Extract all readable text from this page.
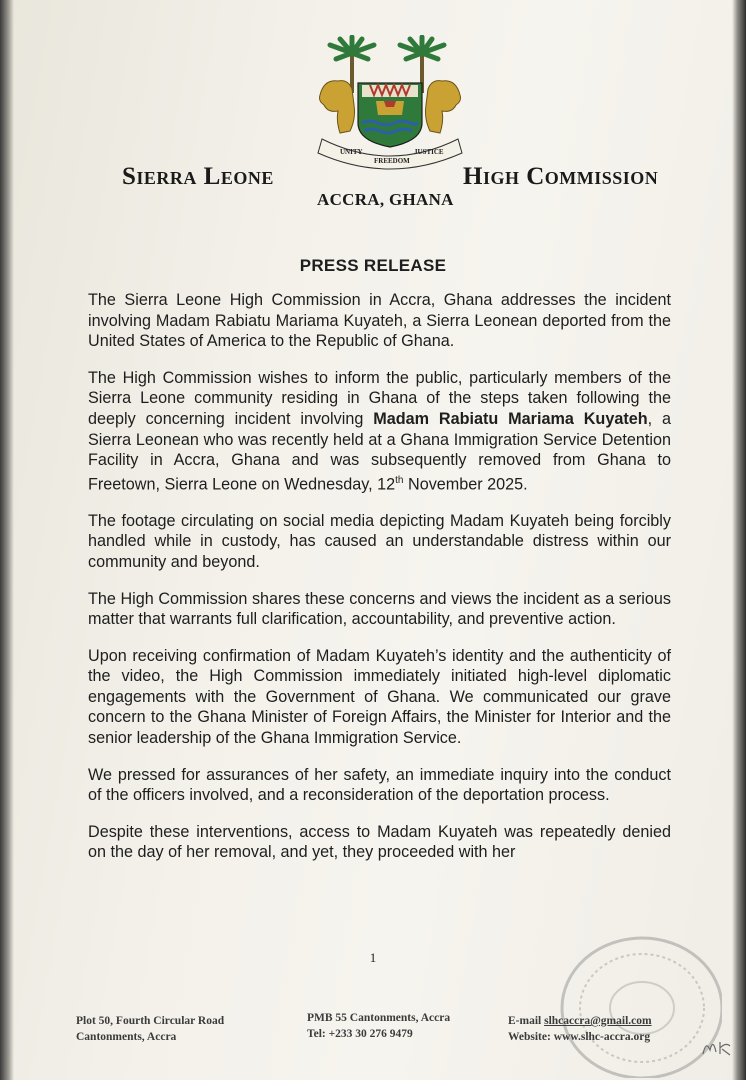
UNITY
FREEDOM
JUSTICE
Sierra Leone	High Commission
ACCRA, GHANA
PRESS RELEASE

The Sierra Leone High Commission in Accra, Ghana addresses the incident involving Madam Rabiatu Mariama Kuyateh, a Sierra Leonean deported from the United States of America to the Republic of Ghana.

The High Commission wishes to inform the public, particularly members of the Sierra Leone community residing in Ghana of the steps taken following the deeply concerning incident involving Madam Rabiatu Mariama Kuyateh, a Sierra Leonean who was recently held at a Ghana Immigration Service Detention Facility in Accra, Ghana and was subsequently removed from Ghana to Freetown, Sierra Leone on Wednesday, 12th November 2025.

The footage circulating on social media depicting Madam Kuyateh being forcibly handled while in custody, has caused an understandable distress within our community and beyond.

The High Commission shares these concerns and views the incident as a serious matter that warrants full clarification, accountability, and preventive action.

Upon receiving confirmation of Madam Kuyateh’s identity and the authenticity of the video, the High Commission immediately initiated high-level diplomatic engagements with the Government of Ghana. We communicated our grave concern to the Ghana Minister of Foreign Affairs, the Minister for Interior and the senior leadership of the Ghana Immigration Service.

We pressed for assurances of her safety, an immediate inquiry into the conduct of the officers involved, and a reconsideration of the deportation process.

Despite these interventions, access to Madam Kuyateh was repeatedly denied on the day of her removal, and yet, they proceeded with her

1
Plot 50, Fourth Circular Road
Cantonments, Accra
PMB 55 Cantonments, Accra
Tel: +233 30 276 9479
E-mail slhcaccra@gmail.com
Website: www.slhc-accra.org
